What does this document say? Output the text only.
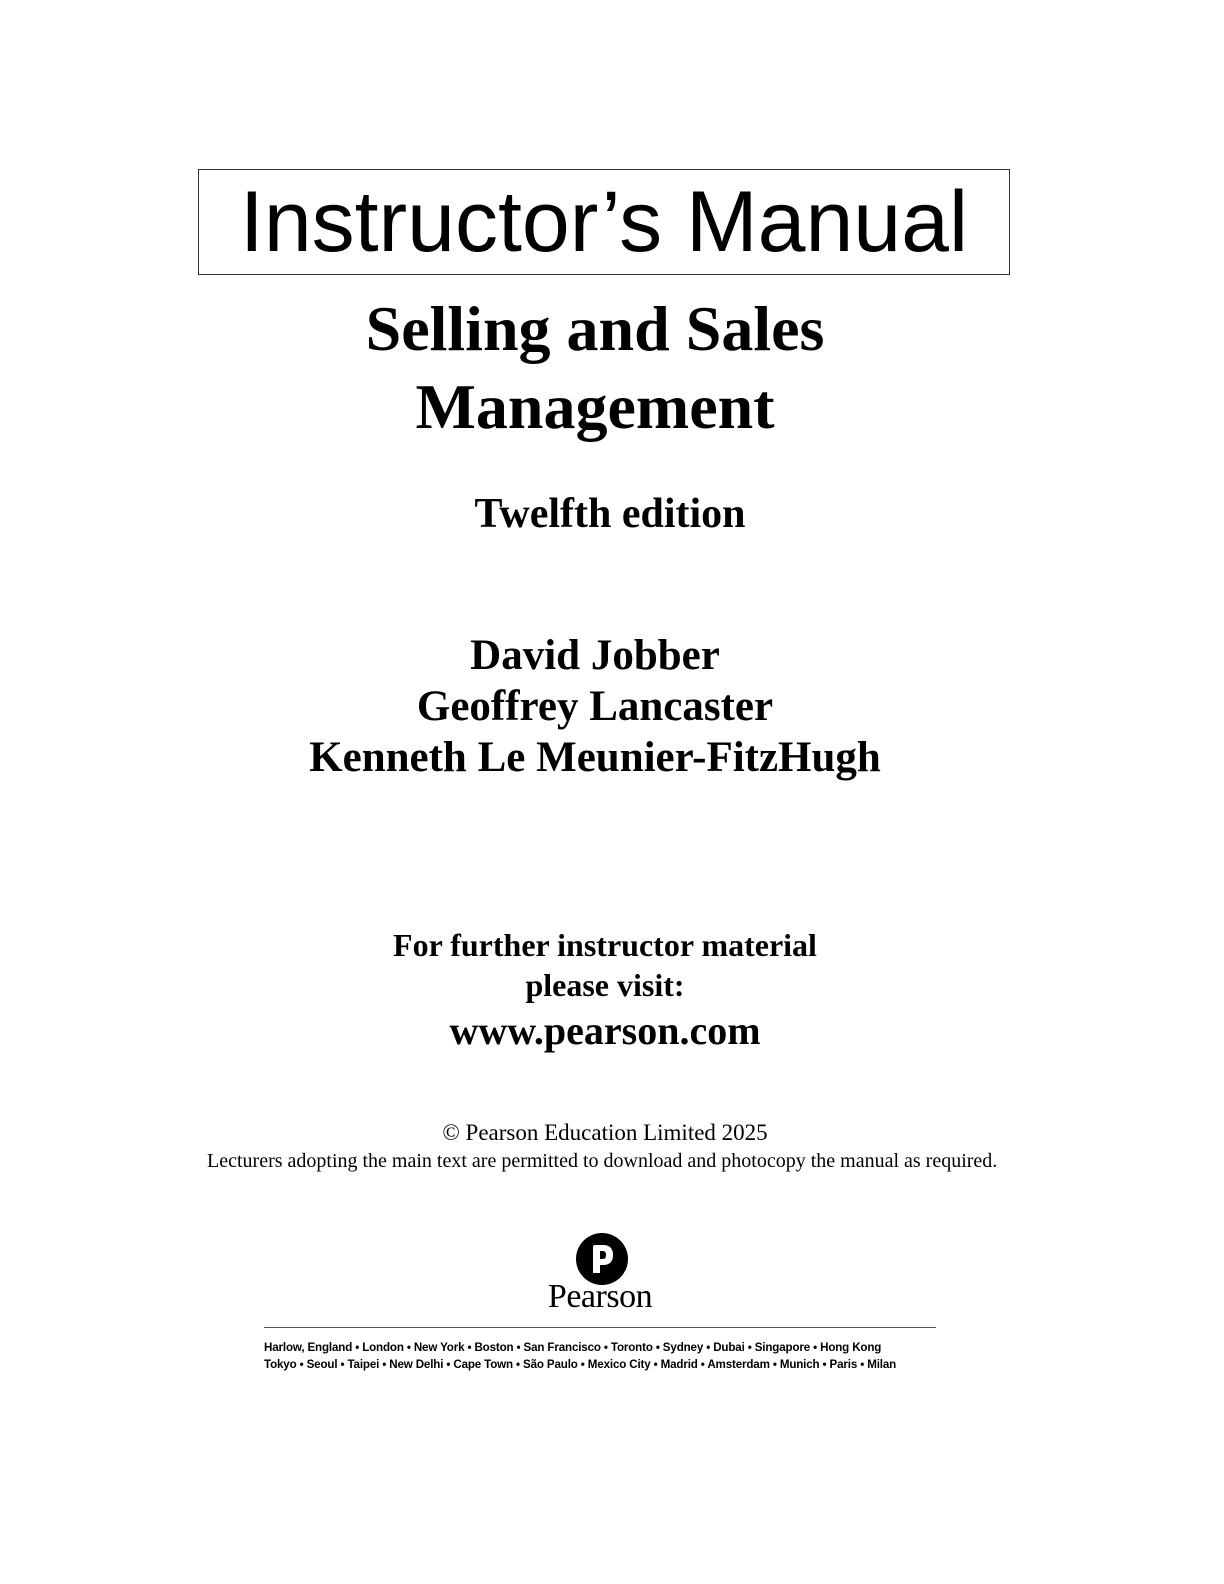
Instructor’s Manual
Selling and Sales
Management
Twelfth edition
David Jobber
Geoffrey Lancaster
Kenneth Le Meunier-FitzHugh
For further instructor material
please visit:
www.pearson.com
© Pearson Education Limited 2025
Lecturers adopting the main text are permitted to download and photocopy the manual as required.
Pearson
Harlow, England • London • New York • Boston • San Francisco • Toronto • Sydney • Dubai • Singapore • Hong Kong
Tokyo • Seoul • Taipei • New Delhi • Cape Town • São Paulo • Mexico City • Madrid • Amsterdam • Munich • Paris • Milan
